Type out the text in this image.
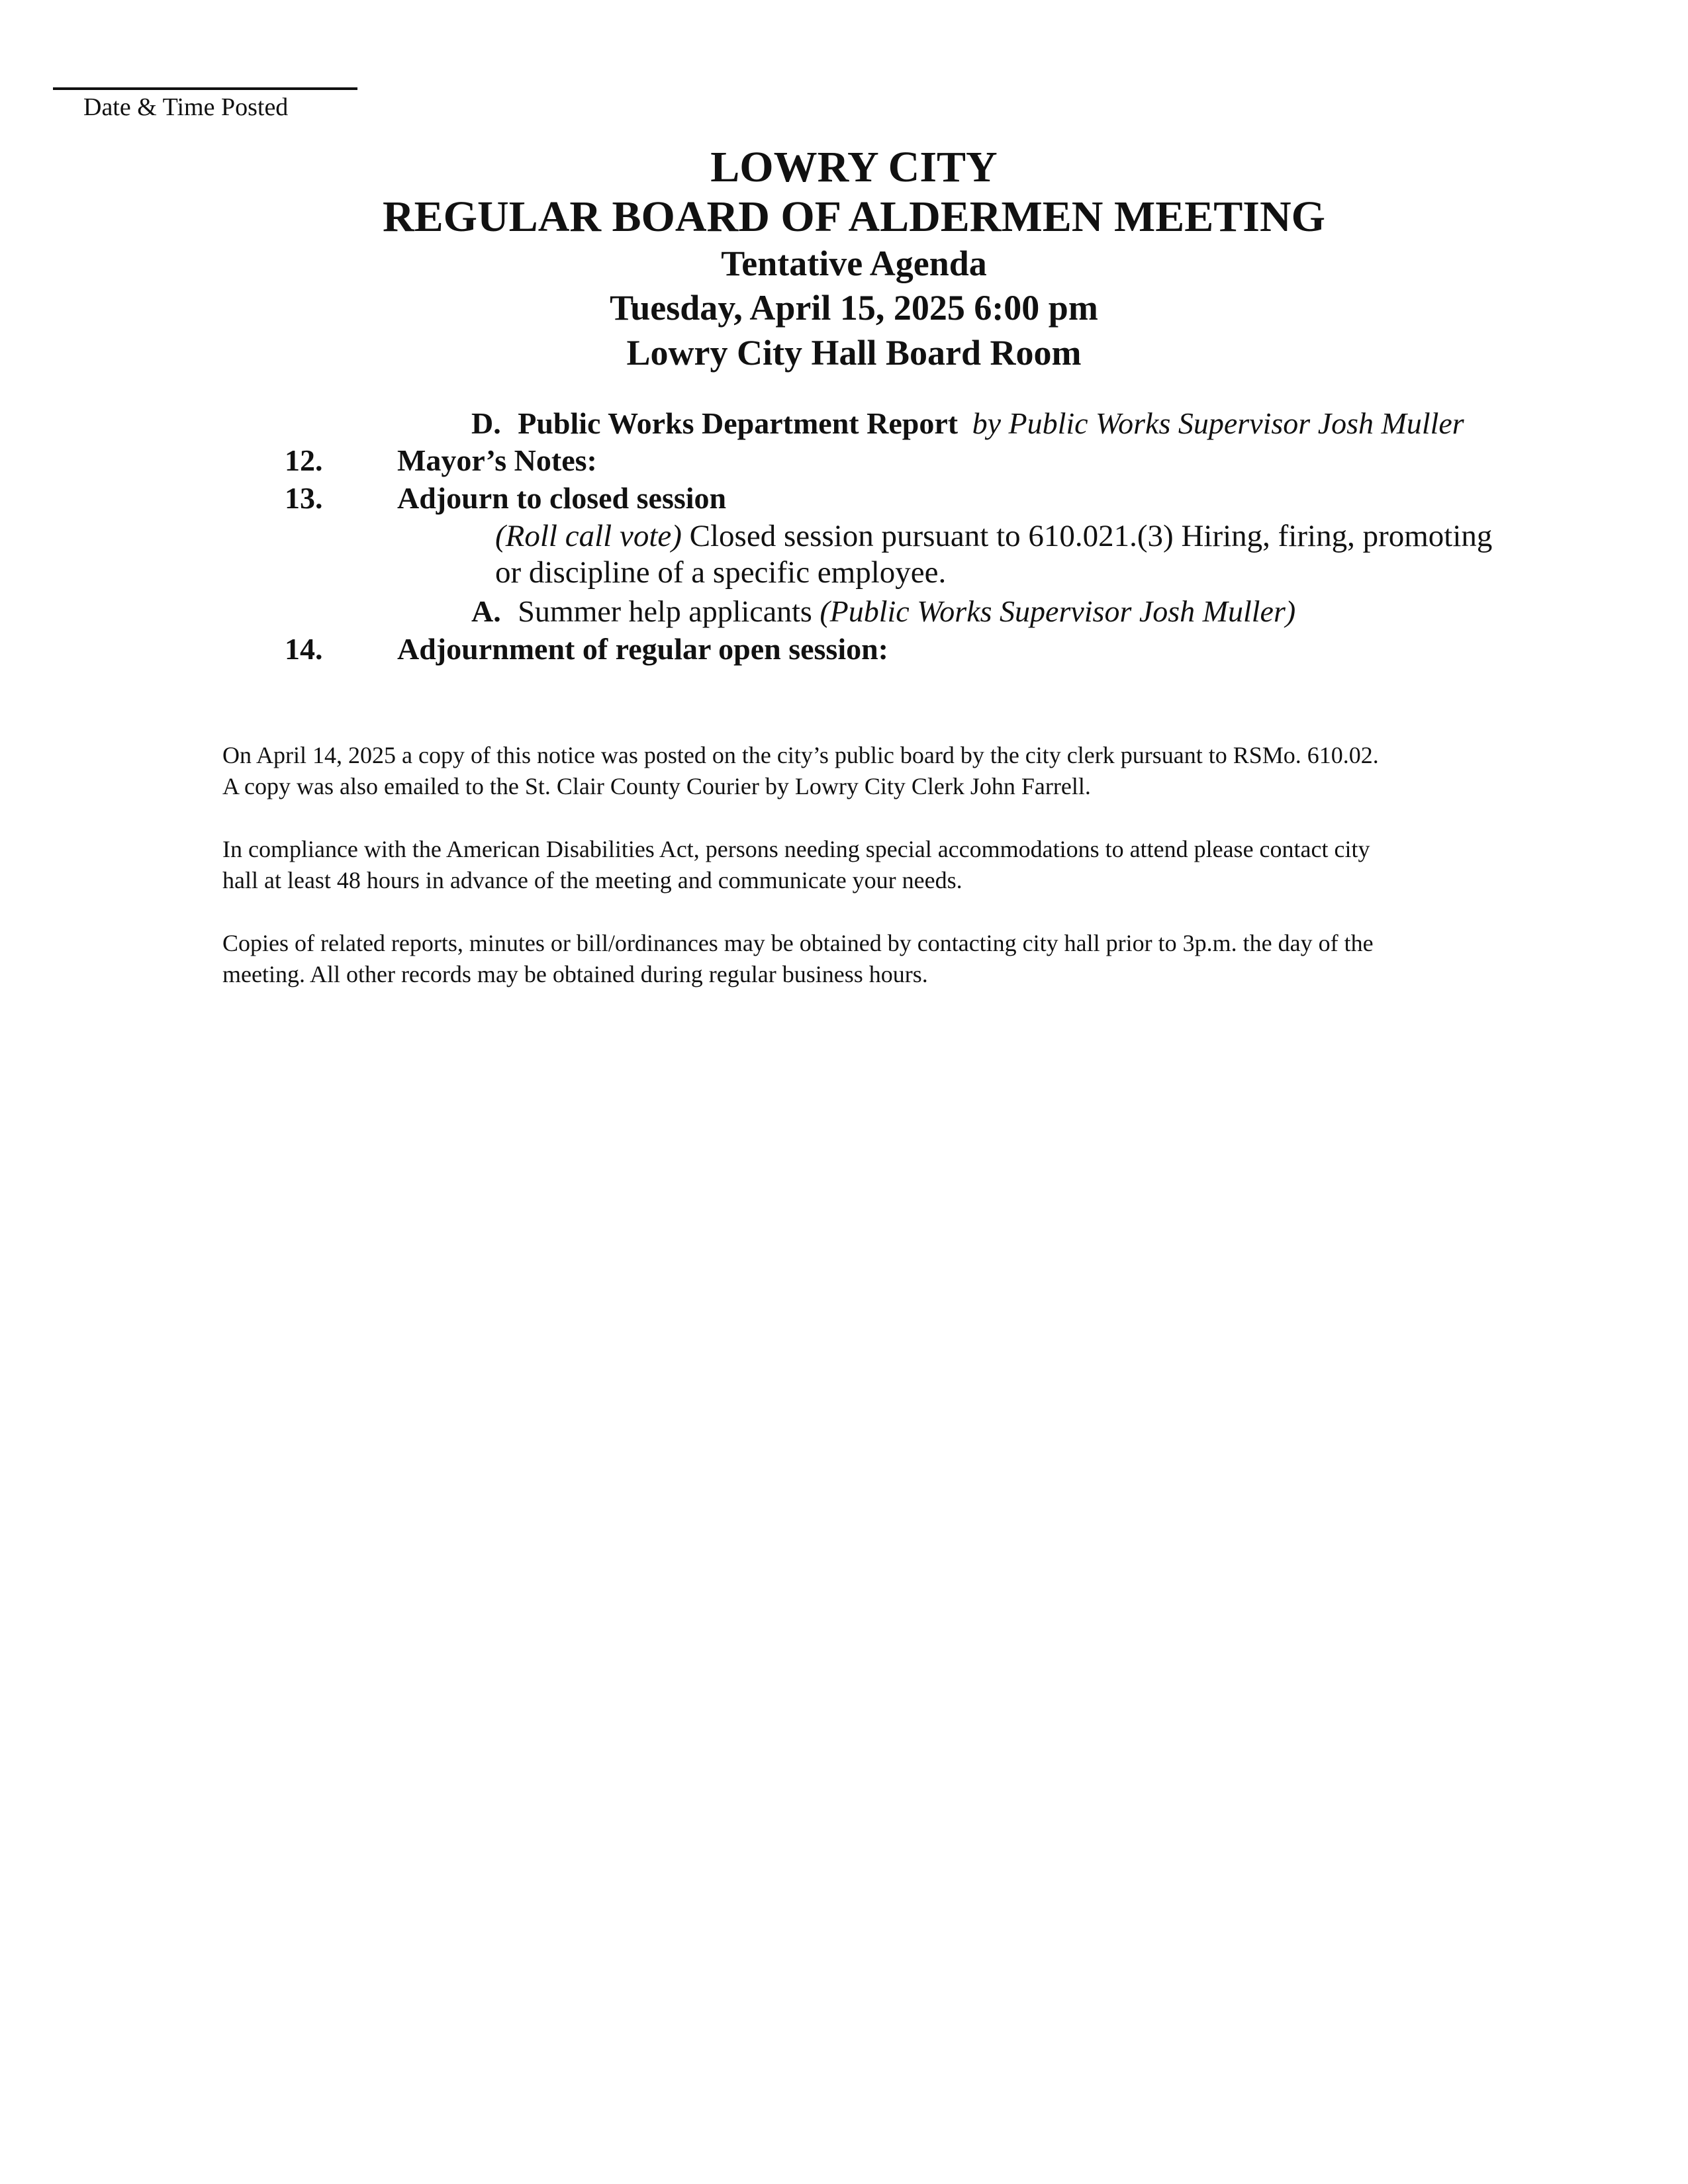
Date & Time Posted
LOWRY CITY
REGULAR BOARD OF ALDERMEN MEETING
Tentative Agenda
Tuesday, April 15, 2025 6:00 pm
Lowry City Hall Board Room
D. Public Works Department Report by Public Works Supervisor Josh Muller
12. Mayor’s Notes:
13. Adjourn to closed session
(Roll call vote) Closed session pursuant to 610.021.(3) Hiring, firing, promoting
or discipline of a specific employee.
A. Summer help applicants (Public Works Supervisor Josh Muller)
14. Adjournment of regular open session:
On April 14, 2025 a copy of this notice was posted on the city’s public board by the city clerk pursuant to RSMo. 610.02.
A copy was also emailed to the St. Clair County Courier by Lowry City Clerk John Farrell.
In compliance with the American Disabilities Act, persons needing special accommodations to attend please contact city
hall at least 48 hours in advance of the meeting and communicate your needs.
Copies of related reports, minutes or bill/ordinances may be obtained by contacting city hall prior to 3p.m. the day of the
meeting. All other records may be obtained during regular business hours.
